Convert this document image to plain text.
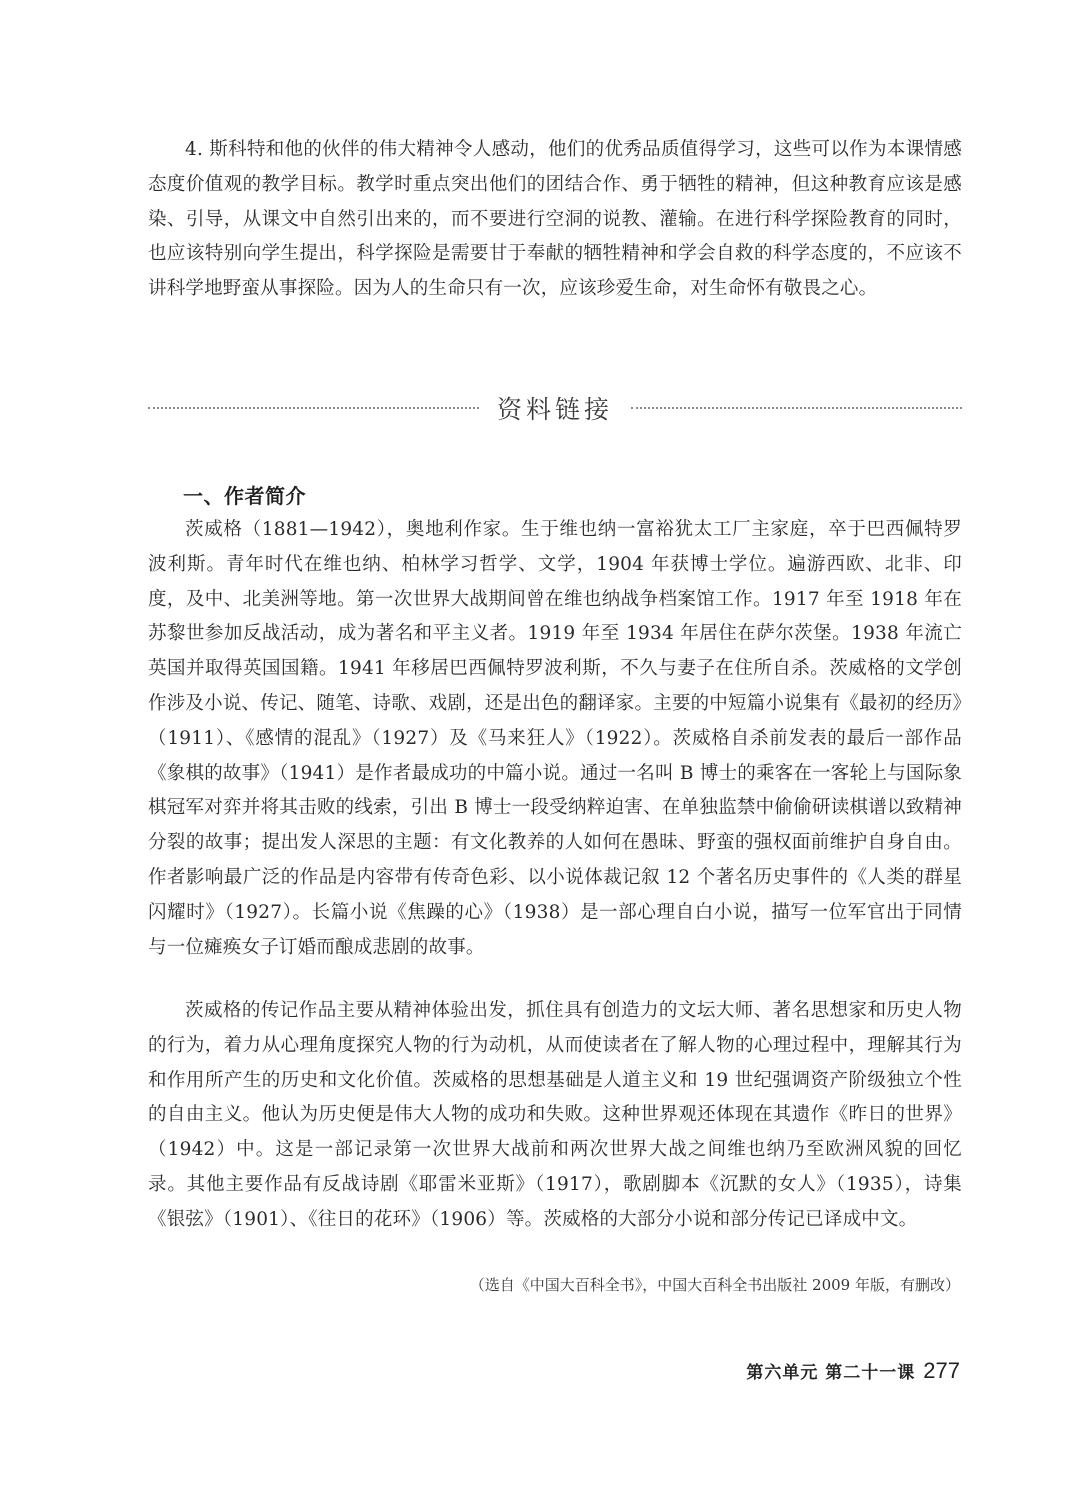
4. 斯科特和他的伙伴的伟大精神令人感动，他们的优秀品质值得学习，这些可以作为本课情感态度价值观的教学目标。教学时重点突出他们的团结合作、勇于牺牲的精神，但这种教育应该是感染、引导，从课文中自然引出来的，而不要进行空洞的说教、灌输。在进行科学探险教育的同时，也应该特别向学生提出，科学探险是需要甘于奉献的牺牲精神和学会自救的科学态度的，不应该不讲科学地野蛮从事探险。因为人的生命只有一次，应该珍爱生命，对生命怀有敬畏之心。

资料链接
一、作者简介

茨威格（1881—1942），奥地利作家。生于维也纳一富裕犹太工厂主家庭，卒于巴西佩特罗波利斯。青年时代在维也纳、柏林学习哲学、文学，1904 年获博士学位。遍游西欧、北非、印度，及中、北美洲等地。第一次世界大战期间曾在维也纳战争档案馆工作。1917 年至 1918 年在苏黎世参加反战活动，成为著名和平主义者。1919 年至 1934 年居住在萨尔茨堡。1938 年流亡英国并取得英国国籍。1941 年移居巴西佩特罗波利斯，不久与妻子在住所自杀。茨威格的文学创作涉及小说、传记、随笔、诗歌、戏剧，还是出色的翻译家。主要的中短篇小说集有《最初的经历》（1911）、《感情的混乱》（1927）及《马来狂人》（1922）。茨威格自杀前发表的最后一部作品《象棋的故事》（1941）是作者最成功的中篇小说。通过一名叫 B 博士的乘客在一客轮上与国际象棋冠军对弈并将其击败的线索，引出 B 博士一段受纳粹迫害、在单独监禁中偷偷研读棋谱以致精神分裂的故事；提出发人深思的主题：有文化教养的人如何在愚昧、野蛮的强权面前维护自身自由。作者影响最广泛的作品是内容带有传奇色彩、以小说体裁记叙 12 个著名历史事件的《人类的群星闪耀时》（1927）。长篇小说《焦躁的心》（1938）是一部心理自白小说，描写一位军官出于同情与一位瘫痪女子订婚而酿成悲剧的故事。

茨威格的传记作品主要从精神体验出发，抓住具有创造力的文坛大师、著名思想家和历史人物的行为，着力从心理角度探究人物的行为动机，从而使读者在了解人物的心理过程中，理解其行为和作用所产生的历史和文化价值。茨威格的思想基础是人道主义和 19 世纪强调资产阶级独立个性的自由主义。他认为历史便是伟大人物的成功和失败。这种世界观还体现在其遗作《昨日的世界》（1942）中。这是一部记录第一次世界大战前和两次世界大战之间维也纳乃至欧洲风貌的回忆录。其他主要作品有反战诗剧《耶雷米亚斯》（1917），歌剧脚本《沉默的女人》（1935），诗集《银弦》（1901）、《往日的花环》（1906）等。茨威格的大部分小说和部分传记已译成中文。

（选自《中国大百科全书》，中国大百科全书出版社 2009 年版，有删改）

第六单元 第二十一课 277
